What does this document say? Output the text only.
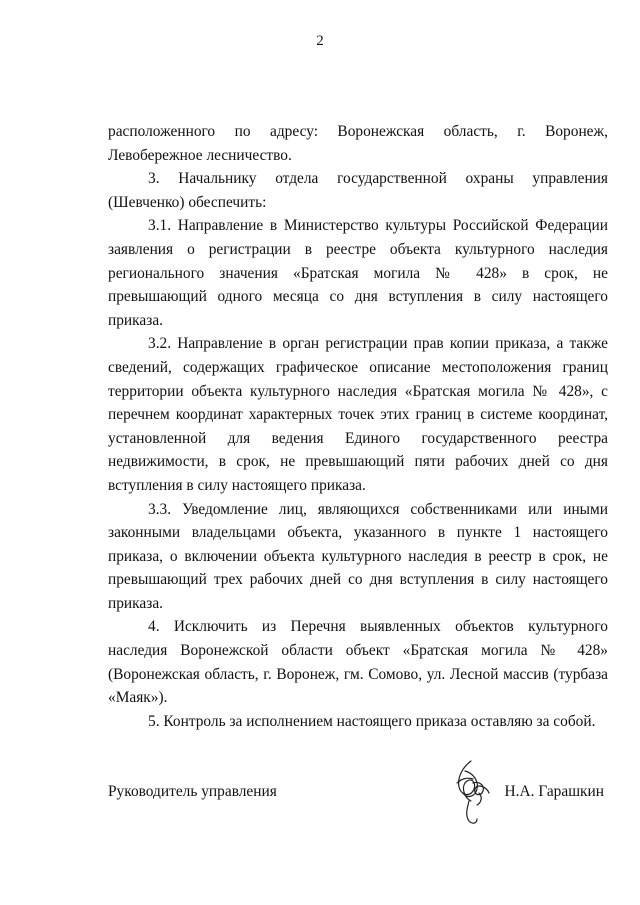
2

расположенного по адресу: Воронежская область, г. Воронеж, Левобережное лесничество.

3. Начальнику отдела государственной охраны управления (Шевченко) обеспечить:

3.1. Направление в Министерство культуры Российской Федерации заявления о регистрации в реестре объекта культурного наследия регионального значения «Братская могила № 428» в срок, не превышающий одного месяца со дня вступления в силу настоящего приказа.

3.2. Направление в орган регистрации прав копии приказа, а также сведений, содержащих графическое описание местоположения границ территории объекта культурного наследия «Братская могила № 428», с перечнем координат характерных точек этих границ в системе координат, установленной для ведения Единого государственного реестра недвижимости, в срок, не превышающий пяти рабочих дней со дня вступления в силу настоящего приказа.

3.3. Уведомление лиц, являющихся собственниками или иными законными владельцами объекта, указанного в пункте 1 настоящего приказа, о включении объекта культурного наследия в реестр в срок, не превышающий трех рабочих дней со дня вступления в силу настоящего приказа.

4. Исключить из Перечня выявленных объектов культурного наследия Воронежской области объект «Братская могила № 428» (Воронежская область, г. Воронеж, гм. Сомово, ул. Лесной массив (турбаза «Маяк»).

5. Контроль за исполнением настоящего приказа оставляю за собой.

Руководитель управления	Н.А. Гарашкин
